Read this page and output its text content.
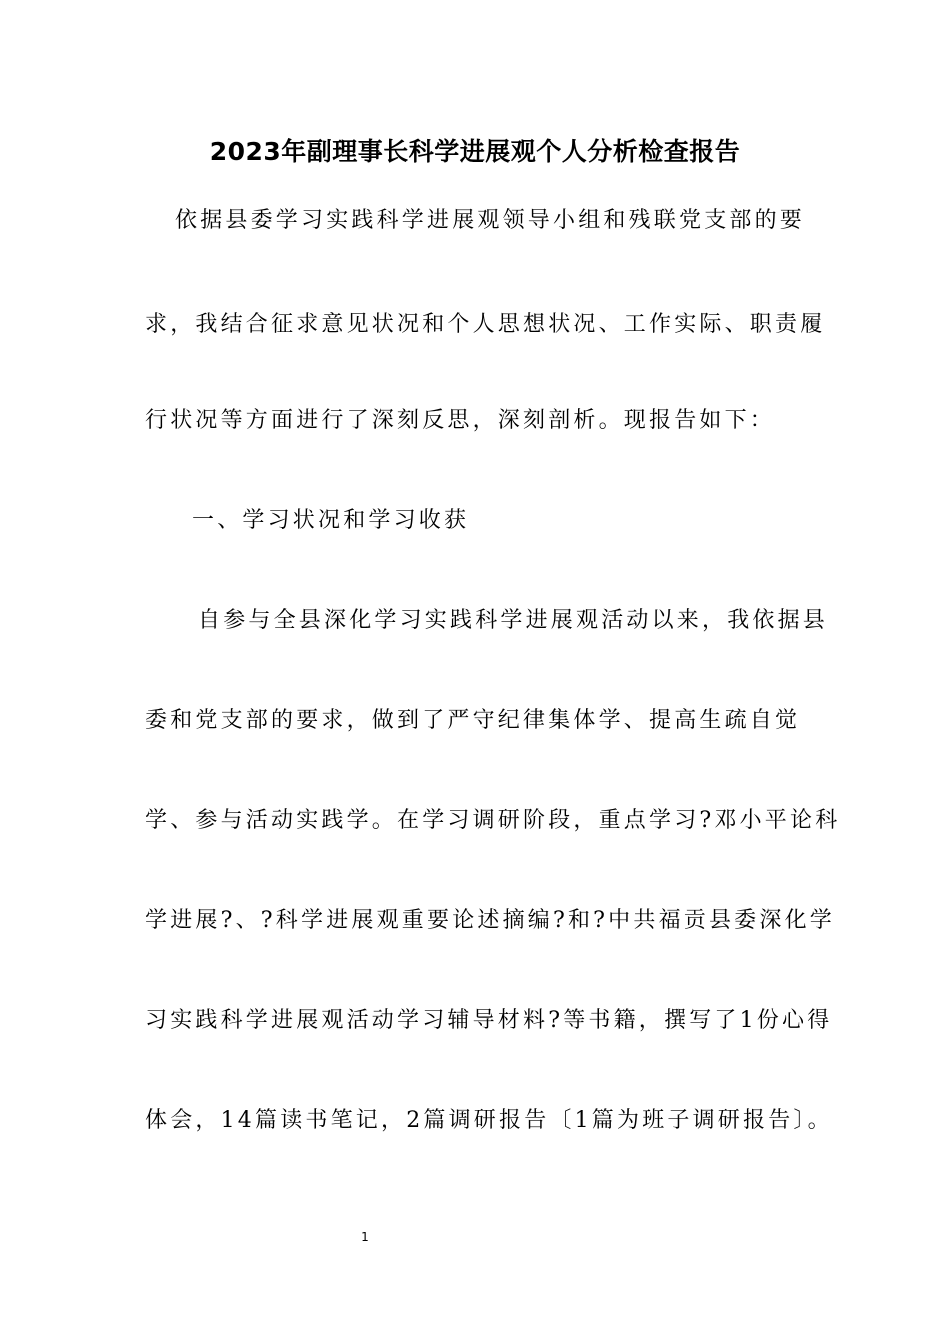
2023年副理事长科学进展观个人分析检查报告
依据县委学习实践科学进展观领导小组和残联党支部的要
求，我结合征求意见状况和个人思想状况、工作实际、职责履
行状况等方面进行了深刻反思，深刻剖析。现报告如下：
一、学习状况和学习收获
自参与全县深化学习实践科学进展观活动以来，我依据县
委和党支部的要求，做到了严守纪律集体学、提高生疏自觉
学、参与活动实践学。在学习调研阶段，重点学习?邓小平论科
学进展?、?科学进展观重要论述摘编?和?中共福贡县委深化学
习实践科学进展观活动学习辅导材料?等书籍，撰写了1份心得
体会，14篇读书笔记，2篇调研报告〔1篇为班子调研报告〕。
1
